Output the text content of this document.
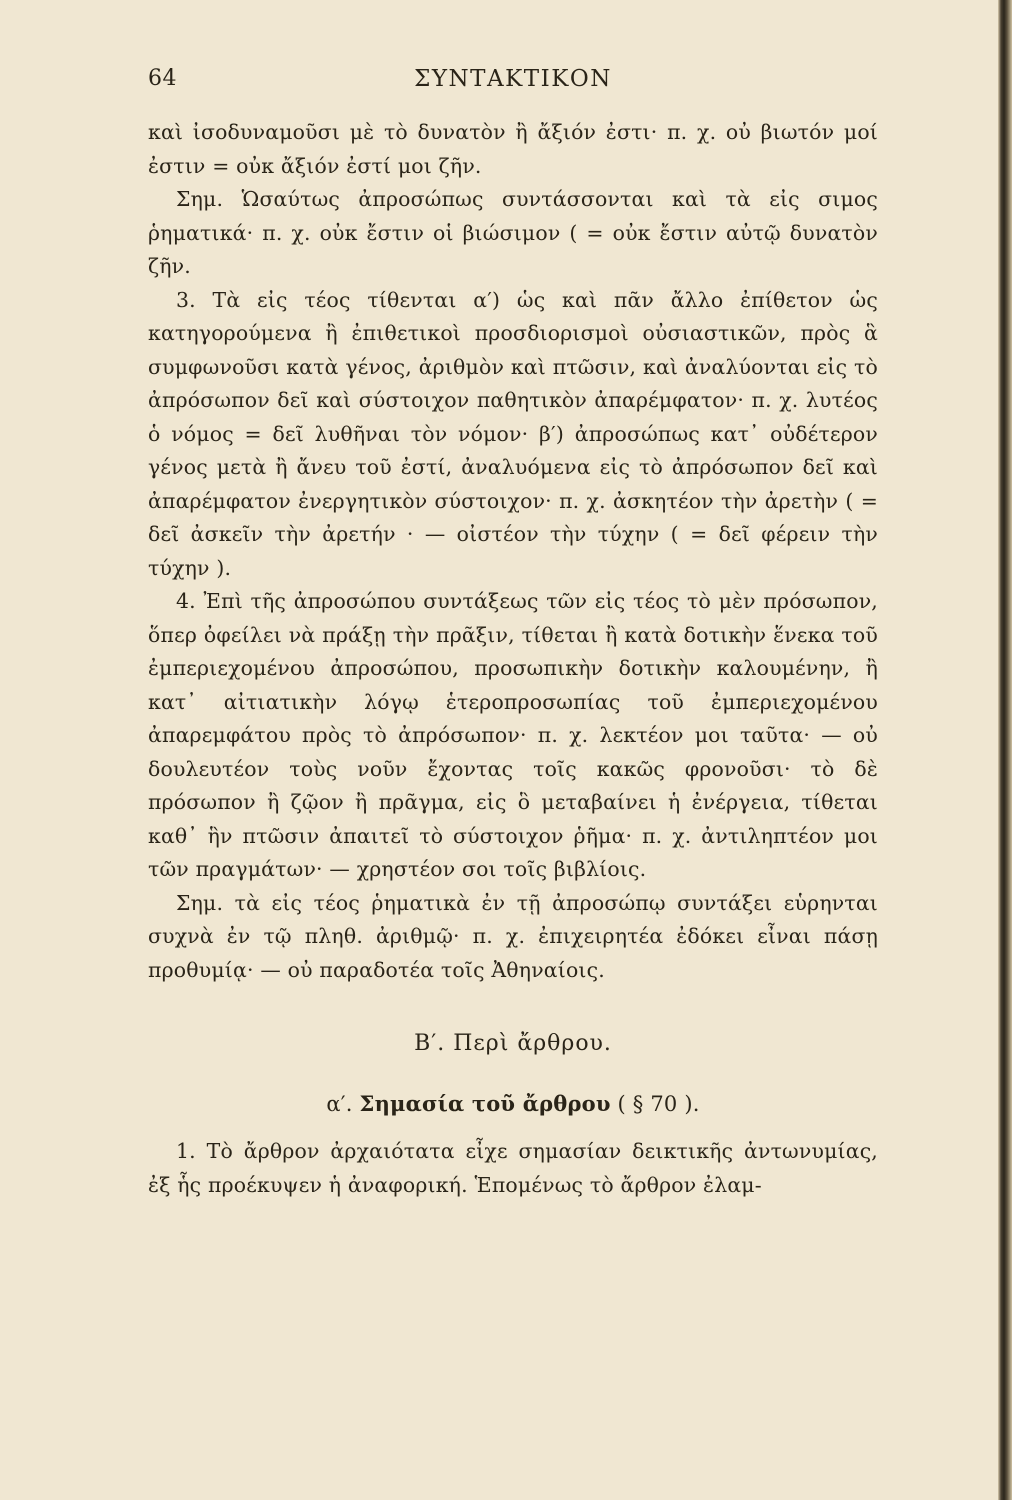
64	ΣΥΝΤΑΚΤΙΚΟΝ

καὶ ἰσοδυναμοῦσι μὲ τὸ δυνατὸν ἢ ἄξιόν ἐστι· π. χ. οὐ βιωτόν μοί ἐστιν = οὐκ ἄξιόν ἐστί μοι ζῆν.

Σημ. Ὡσαύτως ἀπροσώπως συντάσσονται καὶ τὰ εἰς σιμος ῥηματικά· π. χ. οὐκ ἔστιν οἱ βιώσιμον ( = οὐκ ἔστιν αὐτῷ δυνατὸν ζῆν.

3. Τὰ εἰς τέος τίθενται α′) ὡς καὶ πᾶν ἄλλο ἐπίθετον ὡς κατηγορούμενα ἢ ἐπιθετικοὶ προσδιορισμοὶ οὐσιαστικῶν, πρὸς ἃ συμφωνοῦσι κατὰ γένος, ἀριθμὸν καὶ πτῶσιν, καὶ ἀναλύονται εἰς τὸ ἀπρόσωπον δεῖ καὶ σύστοιχον παθητικὸν ἀπαρέμφατον· π. χ. λυτέος ὁ νόμος = δεῖ λυθῆναι τὸν νόμον· β′) ἀπροσώπως κατ᾽ οὐδέτερον γένος μετὰ ἢ ἄνευ τοῦ ἐστί, ἀναλυόμενα εἰς τὸ ἀπρόσωπον δεῖ καὶ ἀπαρέμφατον ἐνεργητικὸν σύστοιχον· π. χ. ἀσκητέον τὴν ἀρετὴν ( = δεῖ ἀσκεῖν τὴν ἀρετήν · — οἰστέον τὴν τύχην ( = δεῖ φέρειν τὴν τύχην ).

4. Ἐπὶ τῆς ἀπροσώπου συντάξεως τῶν εἰς τέος τὸ μὲν πρόσωπον, ὅπερ ὀφείλει νὰ πράξῃ τὴν πρᾶξιν, τίθεται ἢ κατὰ δοτικὴν ἕνεκα τοῦ ἐμπεριεχομένου ἀπροσώπου, προσωπικὴν δοτικὴν καλουμένην, ἢ κατ᾽ αἰτιατικὴν λόγῳ ἑτεροπροσωπίας τοῦ ἐμπεριεχομένου ἀπαρεμφάτου πρὸς τὸ ἀπρόσωπον· π. χ. λεκτέον μοι ταῦτα· — οὐ δουλευτέον τοὺς νοῦν ἔχοντας τοῖς κακῶς φρονοῦσι· τὸ δὲ πρόσωπον ἢ ζῷον ἢ πρᾶγμα, εἰς ὃ μεταβαίνει ἡ ἐνέργεια, τίθεται καθ᾽ ἣν πτῶσιν ἀπαιτεῖ τὸ σύστοιχον ῥῆμα· π. χ. ἀντιληπτέον μοι τῶν πραγμάτων· — χρηστέον σοι τοῖς βιβλίοις.

Σημ. τὰ εἰς τέος ῥηματικὰ ἐν τῇ ἀπροσώπῳ συντάξει εὑρηνται συχνὰ ἐν τῷ πληθ. ἀριθμῷ· π. χ. ἐπιχειρητέα ἐδόκει εἶναι πάσῃ προθυμίᾳ· — οὐ παραδοτέα τοῖς Ἀθηναίοις.

Β′. Περὶ ἄρθρου.
α′. Σημασία τοῦ ἄρθρου ( § 70 ).

1. Τὸ ἄρθρον ἀρχαιότατα εἶχε σημασίαν δεικτικῆς ἀντωνυμίας, ἐξ ἧς προέκυψεν ἡ ἀναφορική. Ἑπομένως τὸ ἄρθρον ἐλαμ-
